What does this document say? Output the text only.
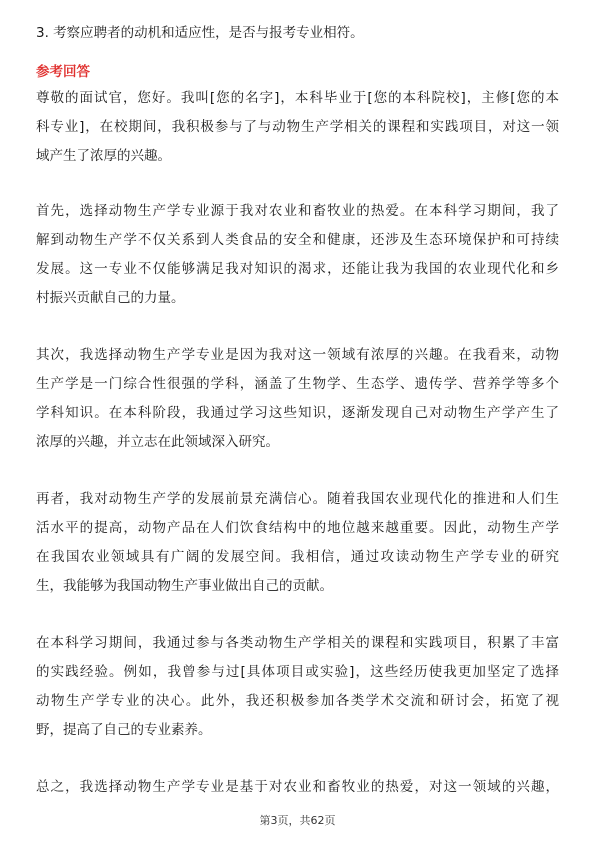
3. 考察应聘者的动机和适应性，是否与报考专业相符。
参考回答
尊敬的面试官，您好。我叫[您的名字]，本科毕业于[您的本科院校]，主修[您的本
科专业]，在校期间，我积极参与了与动物生产学相关的课程和实践项目，对这一领
域产生了浓厚的兴趣。
首先，选择动物生产学专业源于我对农业和畜牧业的热爱。在本科学习期间，我了
解到动物生产学不仅关系到人类食品的安全和健康，还涉及生态环境保护和可持续
发展。这一专业不仅能够满足我对知识的渴求，还能让我为我国的农业现代化和乡
村振兴贡献自己的力量。
其次，我选择动物生产学专业是因为我对这一领域有浓厚的兴趣。在我看来，动物
生产学是一门综合性很强的学科，涵盖了生物学、生态学、遗传学、营养学等多个
学科知识。在本科阶段，我通过学习这些知识，逐渐发现自己对动物生产学产生了
浓厚的兴趣，并立志在此领域深入研究。
再者，我对动物生产学的发展前景充满信心。随着我国农业现代化的推进和人们生
活水平的提高，动物产品在人们饮食结构中的地位越来越重要。因此，动物生产学
在我国农业领域具有广阔的发展空间。我相信，通过攻读动物生产学专业的研究
生，我能够为我国动物生产事业做出自己的贡献。
在本科学习期间，我通过参与各类动物生产学相关的课程和实践项目，积累了丰富
的实践经验。例如，我曾参与过[具体项目或实验]，这些经历使我更加坚定了选择
动物生产学专业的决心。此外，我还积极参加各类学术交流和研讨会，拓宽了视
野，提高了自己的专业素养。
总之，我选择动物生产学专业是基于对农业和畜牧业的热爱，对这一领域的兴趣，
第3页，共62页
